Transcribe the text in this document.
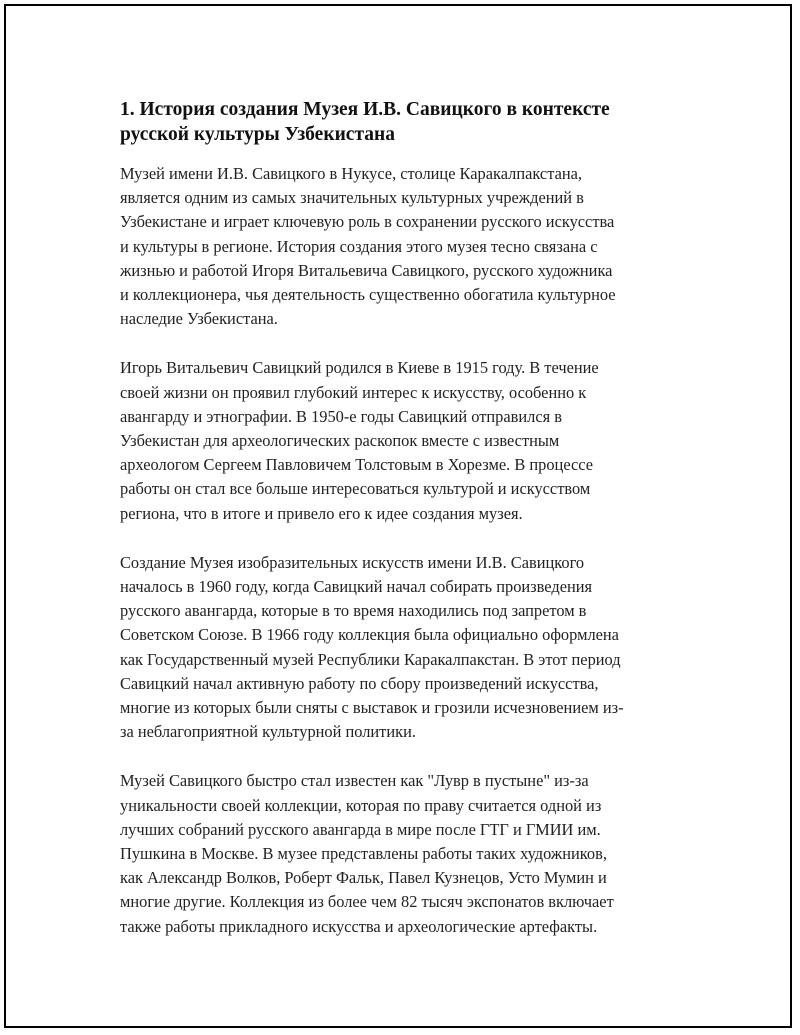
1. История создания Музея И.В. Савицкого в контексте
русской культуры Узбекистана

Музей имени И.В. Савицкого в Нукусе, столице Каракалпакстана,
является одним из самых значительных культурных учреждений в
Узбекистане и играет ключевую роль в сохранении русского искусства
и культуры в регионе. История создания этого музея тесно связана с
жизнью и работой Игоря Витальевича Савицкого, русского художника
и коллекционера, чья деятельность существенно обогатила культурное
наследие Узбекистана.

Игорь Витальевич Савицкий родился в Киеве в 1915 году. В течение
своей жизни он проявил глубокий интерес к искусству, особенно к
авангарду и этнографии. В 1950-е годы Савицкий отправился в
Узбекистан для археологических раскопок вместе с известным
археологом Сергеем Павловичем Толстовым в Хорезме. В процессе
работы он стал все больше интересоваться культурой и искусством
региона, что в итоге и привело его к идее создания музея.

Создание Музея изобразительных искусств имени И.В. Савицкого
началось в 1960 году, когда Савицкий начал собирать произведения
русского авангарда, которые в то время находились под запретом в
Советском Союзе. В 1966 году коллекция была официально оформлена
как Государственный музей Республики Каракалпакстан. В этот период
Савицкий начал активную работу по сбору произведений искусства,
многие из которых были сняты с выставок и грозили исчезновением из-
за неблагоприятной культурной политики.

Музей Савицкого быстро стал известен как "Лувр в пустыне" из-за
уникальности своей коллекции, которая по праву считается одной из
лучших собраний русского авангарда в мире после ГТГ и ГМИИ им.
Пушкина в Москве. В музее представлены работы таких художников,
как Александр Волков, Роберт Фальк, Павел Кузнецов, Усто Мумин и
многие другие. Коллекция из более чем 82 тысяч экспонатов включает
также работы прикладного искусства и археологические артефакты.
